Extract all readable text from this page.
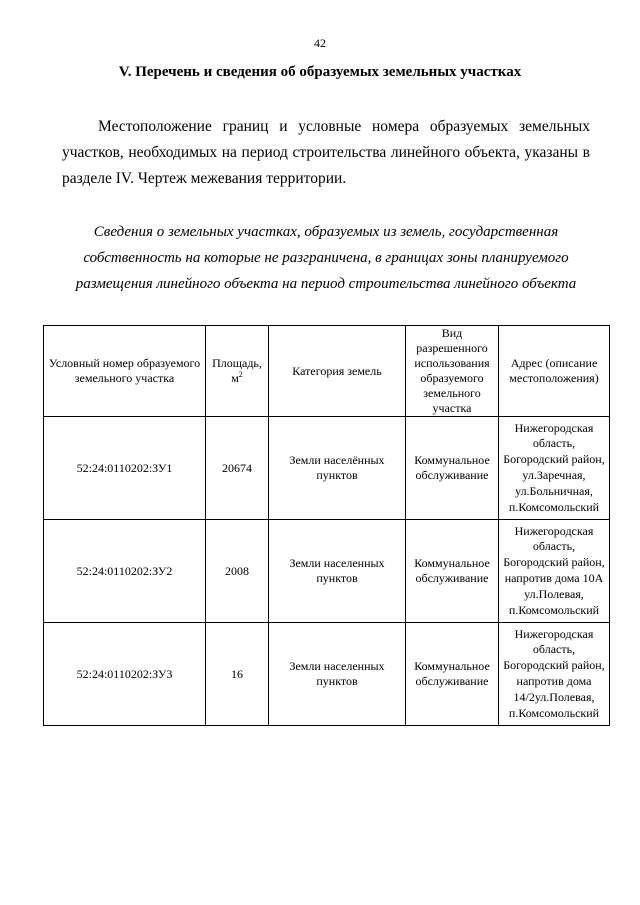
42
V. Перечень и сведения об образуемых земельных участках
Местоположение границ и условные номера образуемых земельных участков, необходимых на период строительства линейного объекта, указаны в разделе IV. Чертеж межевания территории.
Сведения о земельных участках, образуемых из земель, государственная собственность на которые не разграничена, в границах зоны планируемого размещения линейного объекта на период строительства линейного объекта
Условный номер образуемого земельного участка	Площадь, $м^2$	Категория земель	Вид разрешенного использования образуемого земельного участка	Адрес (описание местоположения)
52:24:0110202:ЗУ1	20674	Земли населённых пунктов	Коммунальное обслуживание	Нижегородская область, Богородский район, ул.Заречная, ул.Больничная, п.Комсомольский
52:24:0110202:ЗУ2	2008	Земли населенных пунктов	Коммунальное обслуживание	Нижегородская область, Богородский район, напротив дома 10А ул.Полевая, п.Комсомольский
52:24:0110202:ЗУ3	16	Земли населенных пунктов	Коммунальное обслуживание	Нижегородская область, Богородский район, напротив дома 14/2ул.Полевая, п.Комсомольский
